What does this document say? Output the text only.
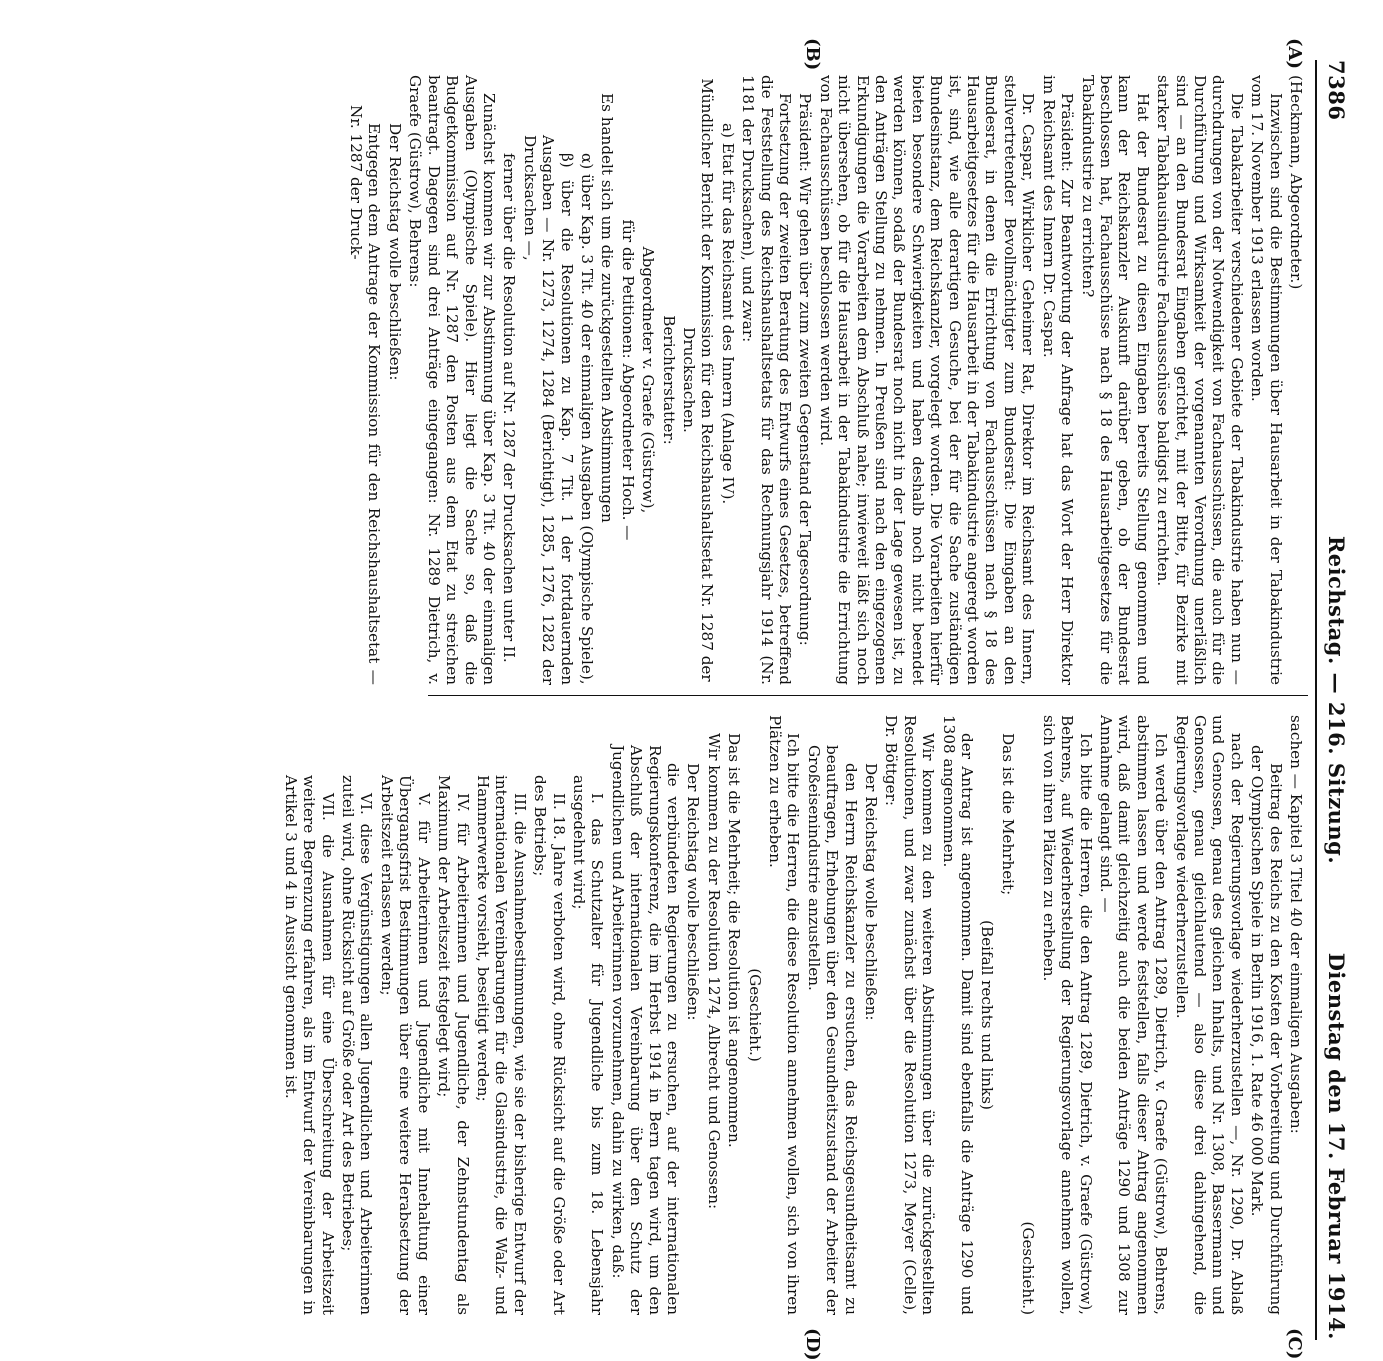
7386
Reichstag. — 216. Sitzung.
Dienstag den 17. Februar 1914.
(A)
(B)
(C)
(D)

(Heckmann, Abgeordneter.)

Inzwischen sind die Bestimmungen über Hausarbeit in der Tabakindustrie vom 17. November 1913 erlassen worden.

Die Tabakarbeiter verschiedener Gebiete der Tabakindustrie haben nun — durchdrungen von der Notwendigkeit von Fachausschüssen, die auch für die Durchführung und Wirksamkeit der vorgenannten Verordnung unerläßlich sind — an den Bundesrat Eingaben gerichtet, mit der Bitte, für Bezirke mit starker Tabakhausindustrie Fachausschüsse baldigst zu errichten.

Hat der Bundesrat zu diesen Eingaben bereits Stellung genommen und kann der Reichskanzler Auskunft darüber geben, ob der Bundesrat beschlossen hat, Fachausschüsse nach § 18 des Hausarbeitgesetzes für die Tabakindustrie zu errichten?

Präsident: Zur Beantwortung der Anfrage hat das Wort der Herr Direktor im Reichsamt des Innern Dr. Caspar.

Dr. Caspar, Wirklicher Geheimer Rat, Direktor im Reichsamt des Innern, stellvertretender Bevollmächtigter zum Bundesrat: Die Eingaben an den Bundesrat, in denen die Errichtung von Fachausschüssen nach § 18 des Hausarbeitgesetzes für die Hausarbeit in der Tabakindustrie angeregt worden ist, sind, wie alle derartigen Gesuche, bei der für die Sache zuständigen Bundesinstanz, dem Reichskanzler, vorgelegt worden. Die Vorarbeiten hierfür bieten besondere Schwierigkeiten und haben deshalb noch nicht beendet werden können, sodaß der Bundesrat noch nicht in der Lage gewesen ist, zu den Anträgen Stellung zu nehmen. In Preußen sind nach den eingezogenen Erkundigungen die Vorarbeiten dem Abschluß nahe; inwieweit läßt sich noch nicht übersehen, ob für die Hausarbeit in der Tabakindustrie die Errichtung von Fachausschüssen beschlossen werden wird.

Präsident: Wir gehen über zum zweiten Gegenstand der Tagesordnung:

Fortsetzung der zweiten Beratung des Entwurfs eines Gesetzes, betreffend die Feststellung des Reichshaushaltsetats für das Rechnungsjahr 1914 (Nr. 1181 der Drucksachen), und zwar:

a) Etat für das Reichsamt des Innern (Anlage IV).

Mündlicher Bericht der Kommission für den Reichshaushaltsetat Nr. 1287 der Drucksachen.

Berichterstatter:

Abgeordneter v. Graefe (Güstrow),

für die Petitionen: Abgeordneter Hoch. —

Es handelt sich um die zurückgestellten Abstimmungen

α) über Kap. 3 Tit. 40 der einmaligen Ausgaben (Olympische Spiele),

β) über die Resolutionen zu Kap. 7 Tit. 1 der fortdauernden Ausgaben — Nr. 1273, 1274, 1284 (Berichtigt), 1285, 1276, 1282 der Drucksachen —,

ferner über die Resolution auf Nr. 1287 der Drucksachen unter II.

Zunächst kommen wir zur Abstimmung über Kap. 3 Tit. 40 der einmaligen Ausgaben (Olympische Spiele). Hier liegt die Sache so, daß die Budgetkommission auf Nr. 1287 den Posten aus dem Etat zu streichen beantragt. Dagegen sind drei Anträge eingegangen: Nr. 1289 Dietrich, v. Graefe (Güstrow), Behrens:

Der Reichstag wolle beschließen:

Entgegen dem Antrage der Kommission für den Reichshaushaltsetat — Nr. 1287 der Druck-

sachen — Kapitel 3 Titel 40 der einmaligen Ausgaben:

Beitrag des Reichs zu den Kosten der Vorbereitung und Durchführung der Olympischen Spiele in Berlin 1916, 1. Rate 46 000 Mark.

nach der Regierungsvorlage wiederherzustellen —, Nr. 1290, Dr. Ablaß und Genossen, genau des gleichen Inhalts, und Nr. 1308, Bassermann und Genossen, genau gleichlautend — also diese drei dahingehend, die Regierungsvorlage wiederherzustellen.

Ich werde über den Antrag 1289, Dietrich, v. Graefe (Güstrow), Behrens, abstimmen lassen und werde feststellen, falls dieser Antrag angenommen wird, daß damit gleichzeitig auch die beiden Anträge 1290 und 1308 zur Annahme gelangt sind. —

Ich bitte die Herren, die den Antrag 1289, Dietrich, v. Graefe (Güstrow), Behrens, auf Wiederherstellung der Regierungsvorlage annehmen wollen, sich von ihren Plätzen zu erheben.

(Geschieht.)

Das ist die Mehrheit;

(Beifall rechts und links)

der Antrag ist angenommen. Damit sind ebenfalls die Anträge 1290 und 1308 angenommen.

Wir kommen zu den weiteren Abstimmungen über die zurückgestellten Resolutionen, und zwar zunächst über die Resolution 1273, Meyer (Celle), Dr. Böttger:

Der Reichstag wolle beschließen:

den Herrn Reichskanzler zu ersuchen, das Reichsgesundheitsamt zu beauftragen, Erhebungen über den Gesundheitszustand der Arbeiter der Großeisenindustrie anzustellen.

Ich bitte die Herren, die diese Resolution annehmen wollen, sich von ihren Plätzen zu erheben.

(Geschieht.)

Das ist die Mehrheit; die Resolution ist angenommen.

Wir kommen zu der Resolution 1274, Albrecht und Genossen:

Der Reichstag wolle beschließen:

die verbündeten Regierungen zu ersuchen, auf der internationalen Regierungskonferenz, die im Herbst 1914 in Bern tagen wird, um den Abschluß der internationalen Vereinbarung über den Schutz der Jugendlichen und Arbeiterinnen vorzunehmen, dahin zu wirken, daß:

I. das Schutzalter für Jugendliche bis zum 18. Lebensjahr ausgedehnt wird;

II. 18. Jahre verboten wird, ohne Rücksicht auf die Größe oder Art des Betriebs;

III. die Ausnahmebestimmungen, wie sie der bisherige Entwurf der internationalen Vereinbarungen für die Glasindustrie, die Walz- und Hammerwerke vorsieht, beseitigt werden;

IV. für Arbeiterinnen und Jugendliche, der Zehnstundentag als Maximum der Arbeitszeit festgelegt wird;

V. für Arbeiterinnen und Jugendliche mit Innehaltung einer Übergangsfrist Bestimmungen über eine weitere Herabsetzung der Arbeitszeit erlassen werden;

VI. diese Vergünstigungen allen Jugendlichen und Arbeiterinnen zuteil wird, ohne Rücksicht auf Größe oder Art des Betriebes;

VII. die Ausnahmen für eine Überschreitung der Arbeitszeit weitere Begrenzung erfahren, als im Entwurf der Vereinbarungen in Artikel 3 und 4 in Aussicht genommen ist.
